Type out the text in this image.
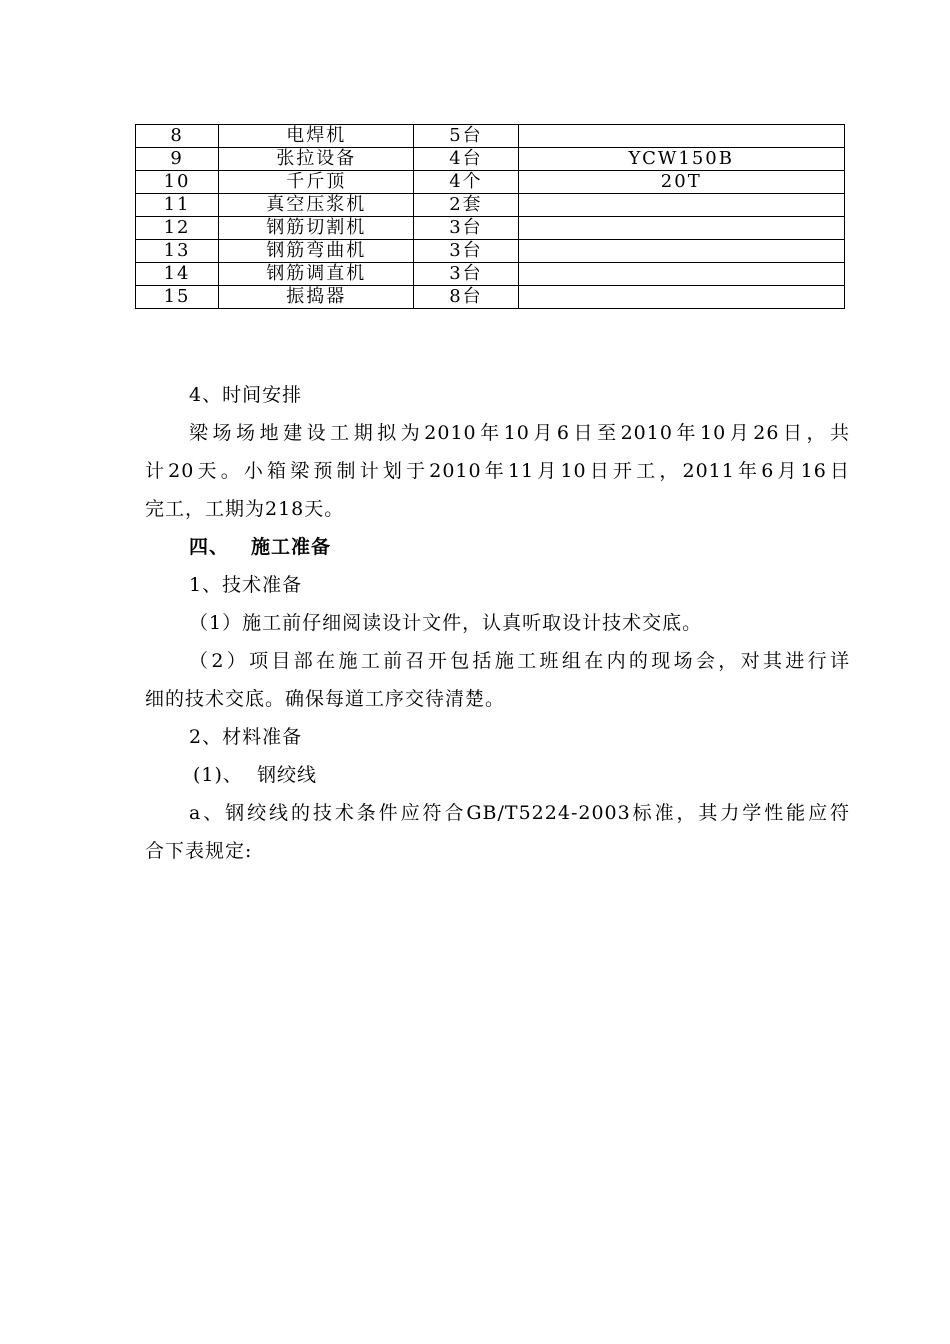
8	电焊机	5台	
9	张拉设备	4台	YCW150B
10	千斤顶	4个	20T
11	真空压浆机	2套	
12	钢筋切割机	3台	
13	钢筋弯曲机	3台	
14	钢筋调直机	3台	
15	振捣器	8台	
4、时间安排
梁场场地建设工期拟为2010年10月6日至2010年10月26日，共
计20天。小箱梁预制计划于2010年11月10日开工，2011年6月16日
完工，工期为218天。
四、 施工准备
1、技术准备
（1）施工前仔细阅读设计文件，认真听取设计技术交底。
（2）项目部在施工前召开包括施工班组在内的现场会，对其进行详
细的技术交底。确保每道工序交待清楚。
2、材料准备
(1)、  钢绞线
a、钢绞线的技术条件应符合GB/T5224-2003标准，其力学性能应符
合下表规定:
